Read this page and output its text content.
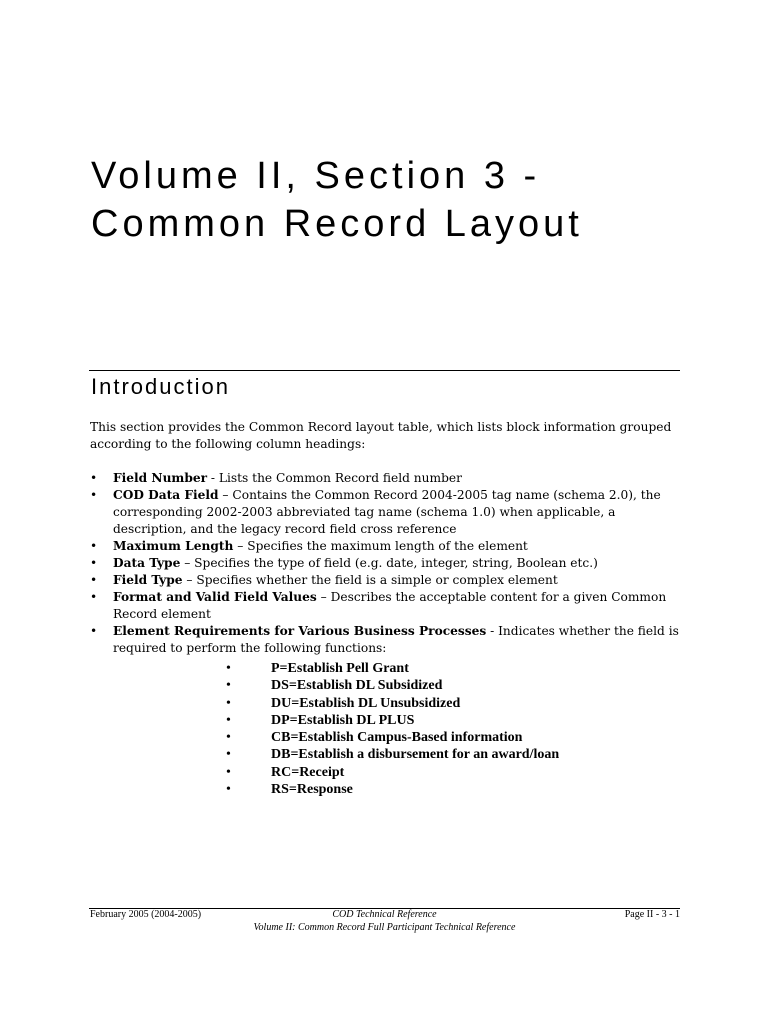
Volume II, Section 3 -
Common Record Layout
Introduction

This section provides the Common Record layout table, which lists block information grouped according to the following column headings:

• Field Number - Lists the Common Record field number
• COD Data Field – Contains the Common Record 2004-2005 tag name (schema 2.0), the corresponding 2002-2003 abbreviated tag name (schema 1.0) when applicable, a description, and the legacy record field cross reference
• Maximum Length – Specifies the maximum length of the element
• Data Type – Specifies the type of field (e.g. date, integer, string, Boolean etc.)
• Field Type – Specifies whether the field is a simple or complex element
• Format and Valid Field Values – Describes the acceptable content for a given Common Record element
• Element Requirements for Various Business Processes - Indicates whether the field is required to perform the following functions:
•	P=Establish Pell Grant
•	DS=Establish DL Subsidized
•	DU=Establish DL Unsubsidized
•	DP=Establish DL PLUS
•	CB=Establish Campus-Based information
•	DB=Establish a disbursement for an award/loan
•	RC=Receipt
•	RS=Response
February 2005 (2004-2005)	COD Technical Reference	Page II - 3 - 1
Volume II: Common Record Full Participant Technical Reference
